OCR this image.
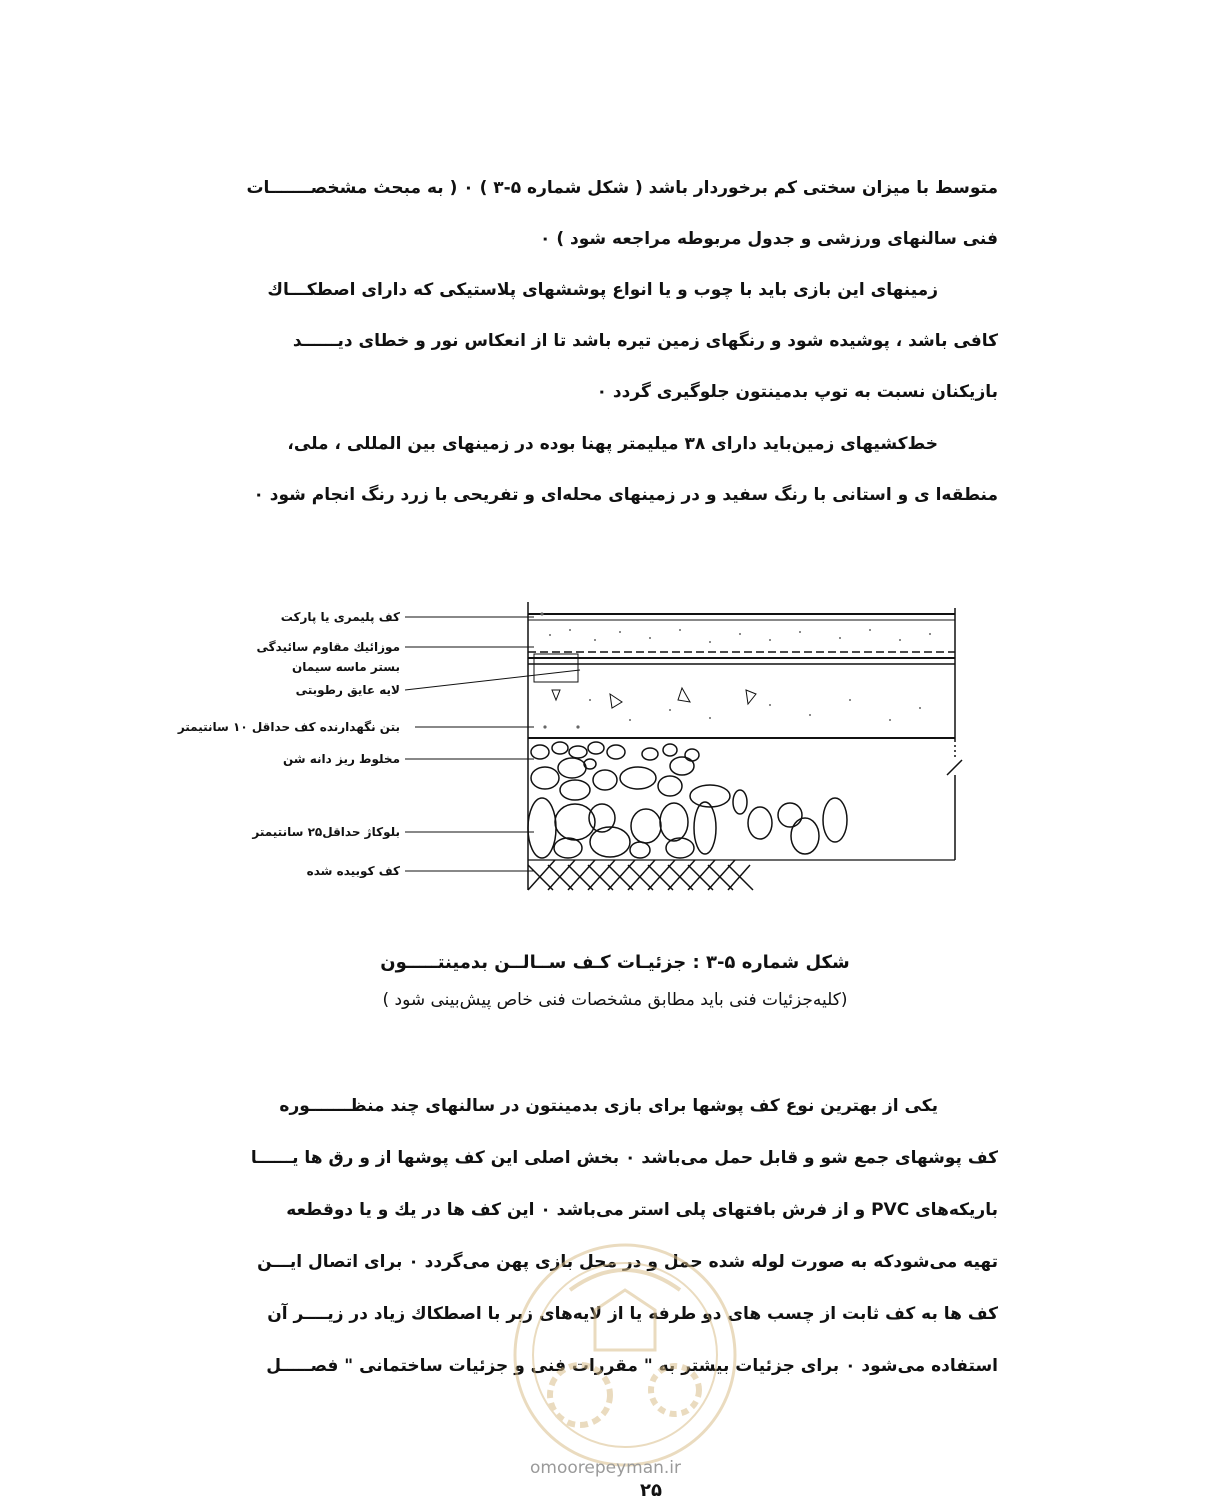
متوسط با میزان سختی کم برخوردار باشد ( شکل شماره ۵-۳ ) ۰ ( به مبحث مشخصـــــــات
فنی سالنهای ورزشی و جدول مربوطه مراجعه شود ) ۰

زمینهای این بازی باید با چوب و یا انواع پوششهای پلاستیکی که دارای اصطکـــاك
کافی باشد ، پوشیده شود و رنگهای زمین تیره باشد تا از انعکاس نور و خطای دیــــــد
بازیکنان نسبت به توپ بدمینتون جلوگیری گردد ۰

خط‌کشیهای زمین‌باید دارای ۳۸ میلیمتر پهنا بوده در زمینهای بین المللی ، ملی،
منطقه‌ا ی و استانی با رنگ سفید و در زمینهای محله‌ای و تفریحی با زرد رنگ انجام شود ۰

کف پلیمری یا پارکت
موزائیك مقاوم سائیدگی
بستر ماسه سیمان
لایه عایق رطوبتی
بتن نگهدارنده کف حداقل ۱۰ سانتیمتر
مخلوط ریز دانه شن
بلوکاژ حداقل۲۵ سانتیمتر
کف کوبیده شده
شکل شماره ۵-۳ : جزئیـات کـف ســالــن بدمینتـــــون
(کلیه‌جزئیات فنی باید مطابق مشخصات فنی خاص پیش‌بینی شود )

یکی از بهترین نوع کف پوشها برای بازی بدمینتون در سالنهای چند منظـــــــوره
کف پوشهای جمع شو و قابل حمل می‌باشد ۰ بخش اصلی این کف پوشها از و رق ها یــــــا
باریکه‌های PVC و از فرش بافتهای پلی استر می‌باشد ۰ این کف ها در یك و یا دوقطعه
تهیه می‌شودکه به صورت لوله شده حمل و در محل بازی پهن می‌گردد ۰ برای اتصال ایـــن
کف ها به کف ثابت از چسب های دو طرفه یا از لایه‌های زبر با اصطکاك زیاد در زیــــر آن
استفاده می‌شود ۰ برای جزئیات بیشتر به " مقررات فنی و جزئیات ساختمانی " فصـــــل

omoorepeyman.ir
۲۵
